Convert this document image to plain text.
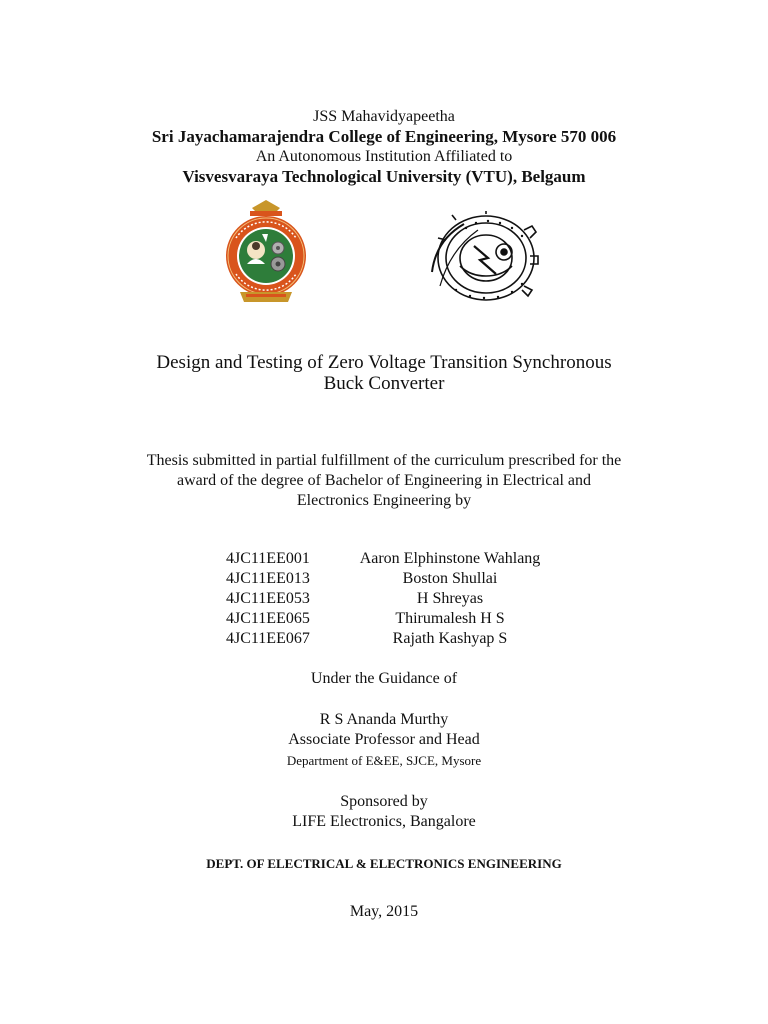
JSS Mahavidyapeetha
Sri Jayachamarajendra College of Engineering, Mysore 570 006
An Autonomous Institution Affiliated to
Visvesvaraya Technological University (VTU), Belgaum
Design and Testing of Zero Voltage Transition Synchronous
Buck Converter
Thesis submitted in partial fulfillment of the curriculum prescribed for the
award of the degree of Bachelor of Engineering in Electrical and
Electronics Engineering by
4JC11EE001	Aaron Elphinstone Wahlang
4JC11EE013	Boston Shullai
4JC11EE053	H Shreyas
4JC11EE065	Thirumalesh H S
4JC11EE067	Rajath Kashyap S
Under the Guidance of
R S Ananda Murthy
Associate Professor and Head
Department of E&EE, SJCE, Mysore
Sponsored by
LIFE Electronics, Bangalore
DEPT. OF ELECTRICAL & ELECTRONICS ENGINEERING
May, 2015
